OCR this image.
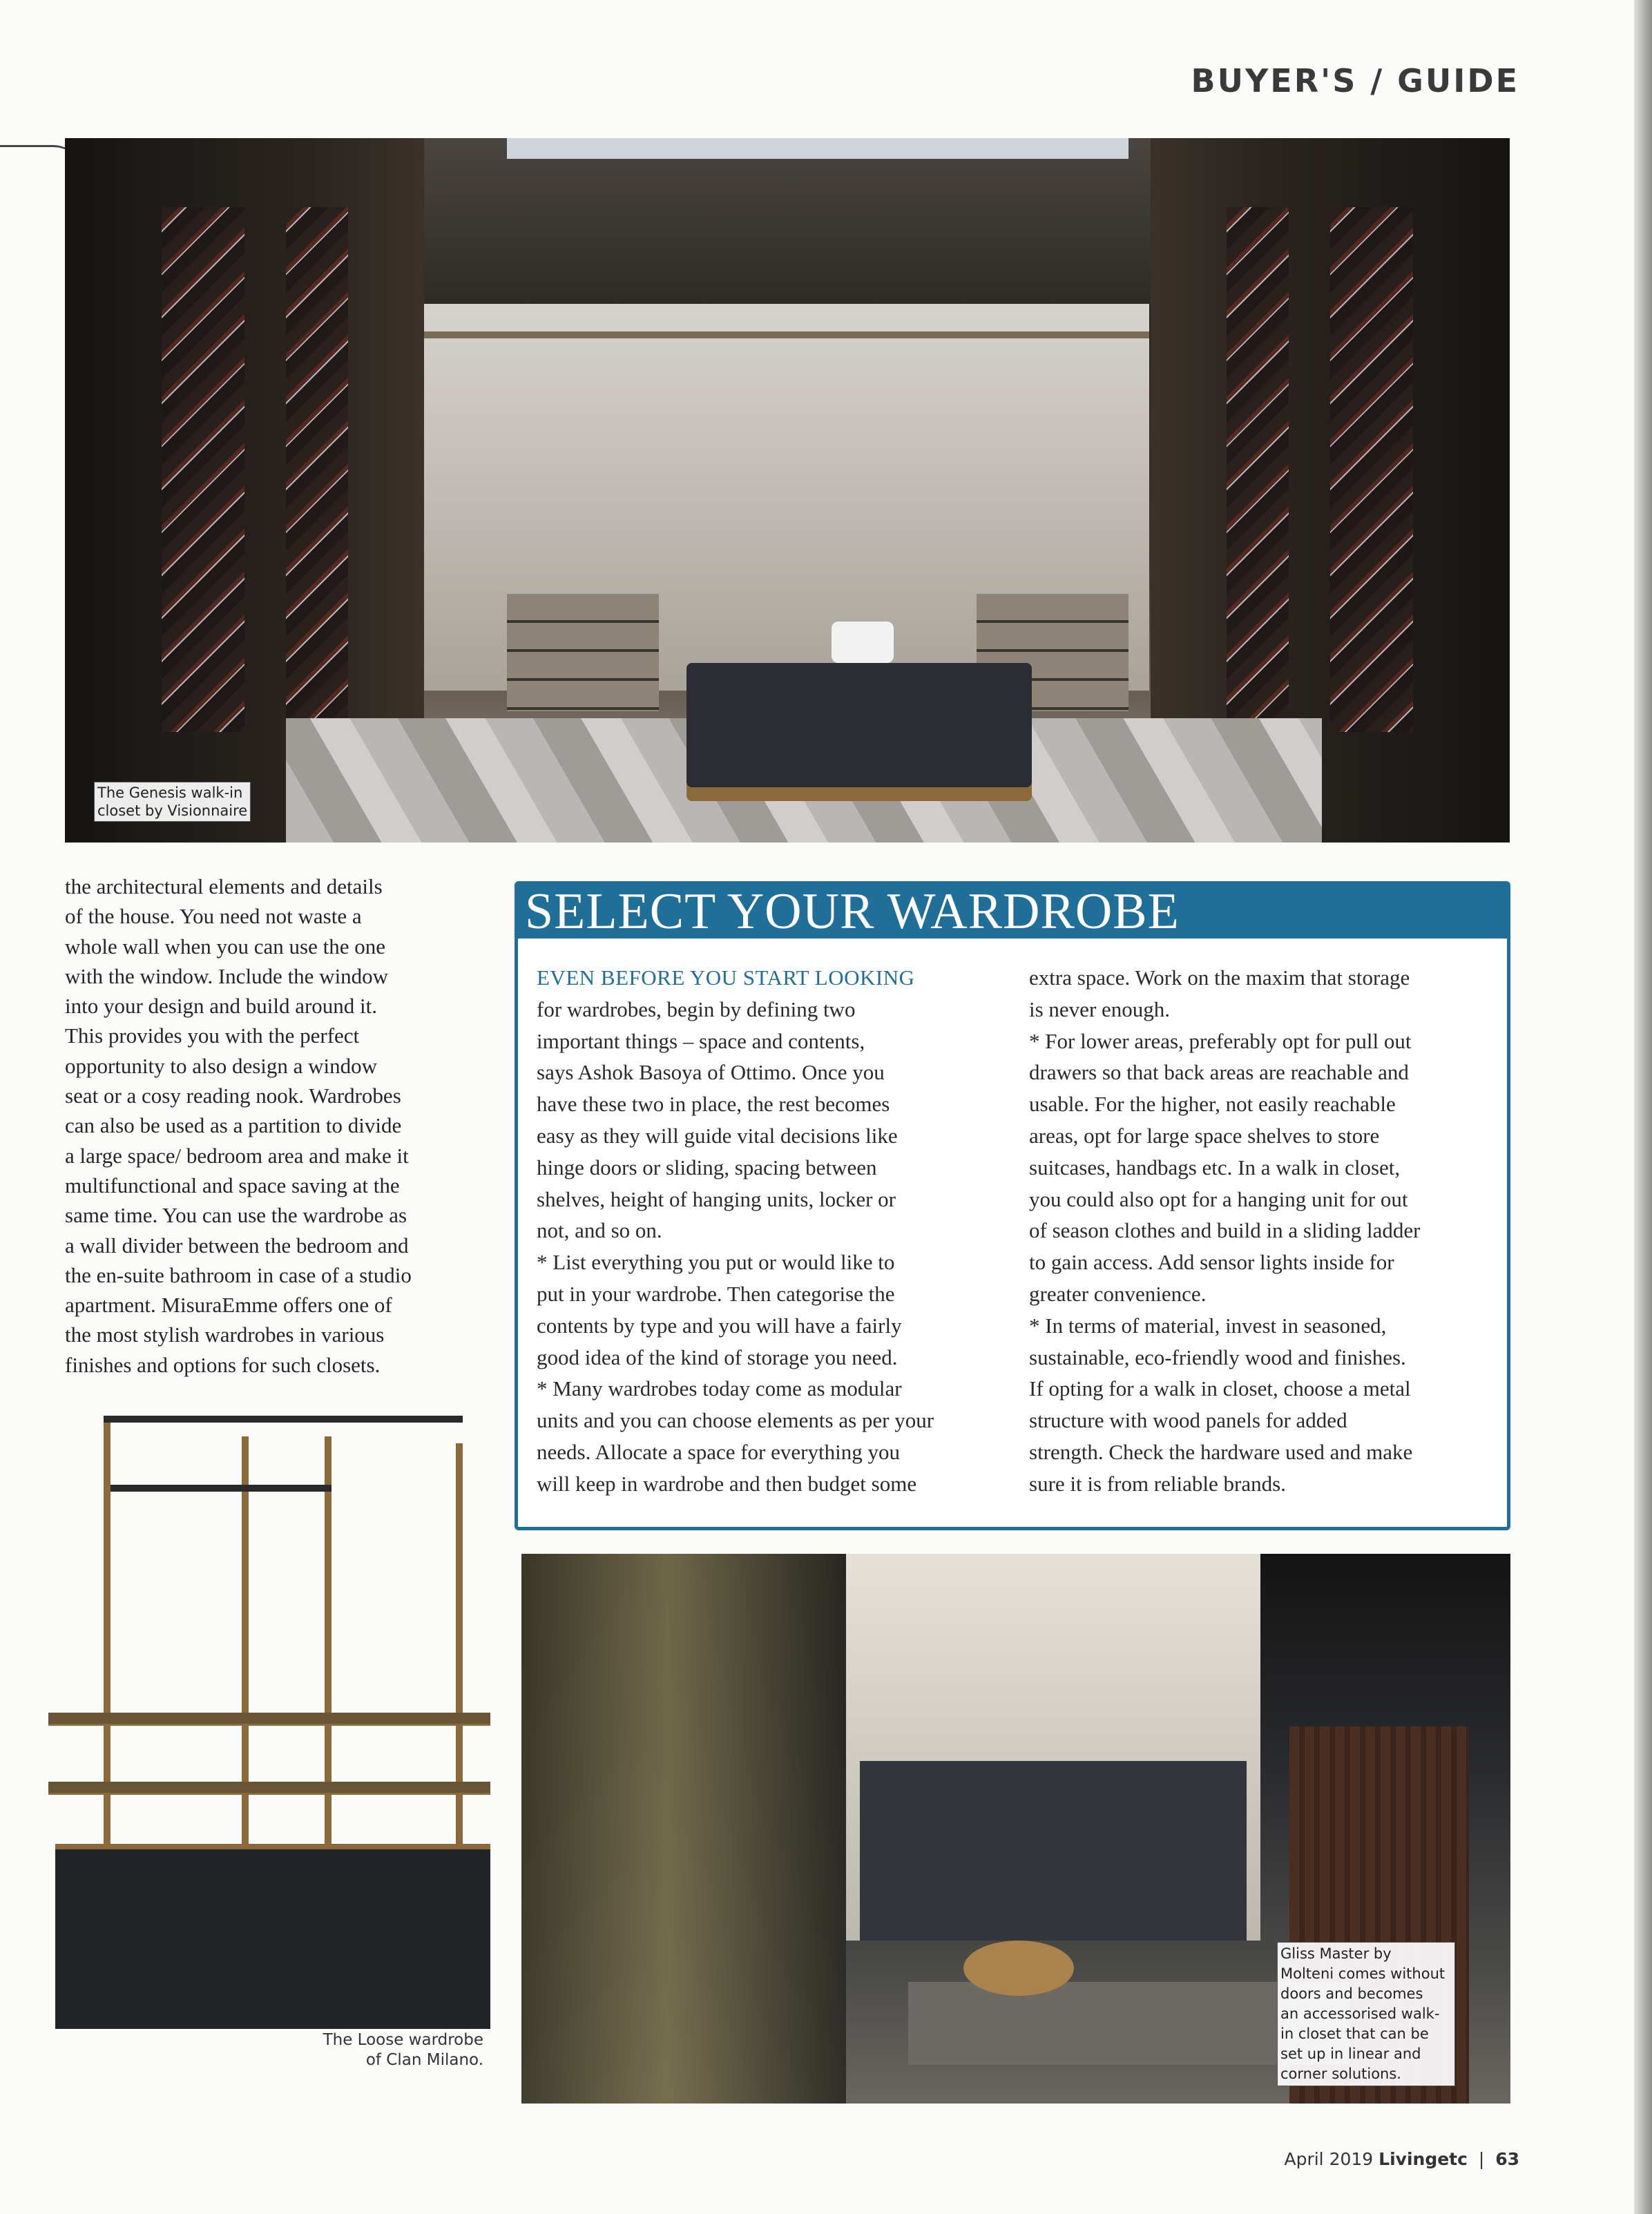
BUYER'S / GUIDE
The Genesis walk-in
closet by Visionnaire

the architectural elements and details

of the house. You need not waste a

whole wall when you can use the one

with the window. Include the window

into your design and build around it.

This provides you with the perfect

opportunity to also design a window

seat or a cosy reading nook. Wardrobes

can also be used as a partition to divide

a large space/ bedroom area and make it

multifunctional and space saving at the

same time. You can use the wardrobe as

a wall divider between the bedroom and

the en-suite bathroom in case of a studio

apartment. MisuraEmme offers one of

the most stylish wardrobes in various

finishes and options for such closets.

SELECT YOUR WARDROBE

EVEN BEFORE YOU START LOOKING

for wardrobes, begin by defining two

important things – space and contents,

says Ashok Basoya of Ottimo. Once you

have these two in place, the rest becomes

easy as they will guide vital decisions like

hinge doors or sliding, spacing between

shelves, height of hanging units, locker or

not, and so on.

* List everything you put or would like to

put in your wardrobe. Then categorise the

contents by type and you will have a fairly

good idea of the kind of storage you need.

* Many wardrobes today come as modular

units and you can choose elements as per your

needs. Allocate a space for everything you

will keep in wardrobe and then budget some

extra space. Work on the maxim that storage

is never enough.

* For lower areas, preferably opt for pull out

drawers so that back areas are reachable and

usable. For the higher, not easily reachable

areas, opt for large space shelves to store

suitcases, handbags etc. In a walk in closet,

you could also opt for a hanging unit for out

of season clothes and build in a sliding ladder

to gain access. Add sensor lights inside for

greater convenience.

* In terms of material, invest in seasoned,

sustainable, eco-friendly wood and finishes.

If opting for a walk in closet, choose a metal

structure with wood panels for added

strength. Check the hardware used and make

sure it is from reliable brands.

The Loose wardrobe
of Clan Milano.
Gliss Master by
Molteni comes without
doors and becomes
an accessorised walk-
in closet that can be
set up in linear and
corner solutions.
April 2019 Livingetc | 63
